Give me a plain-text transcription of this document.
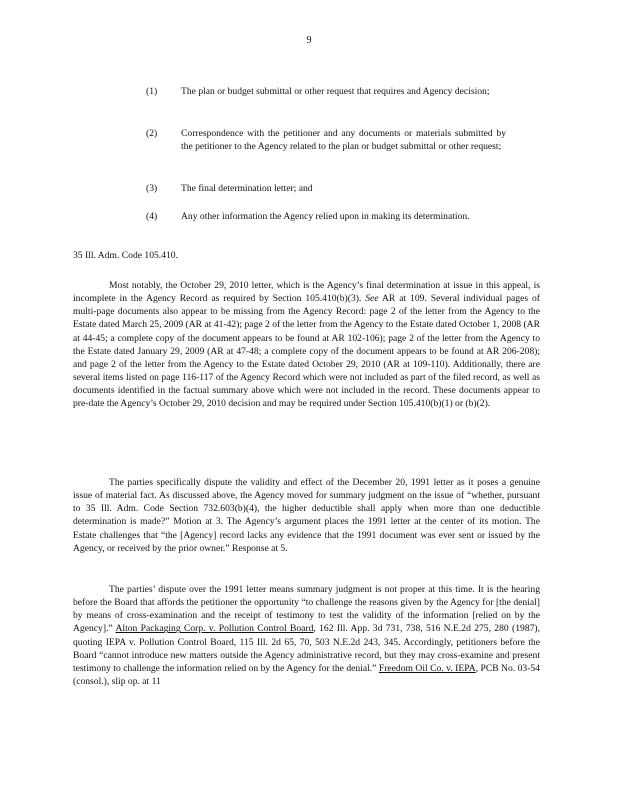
9
(1) The plan or budget submittal or other request that requires and Agency decision;
(2) Correspondence with the petitioner and any documents or materials submitted by the petitioner to the Agency related to the plan or budget submittal or other request;
(3) The final determination letter; and
(4) Any other information the Agency relied upon in making its determination.
35 Ill. Adm. Code 105.410.

Most notably, the October 29, 2010 letter, which is the Agency’s final determination at issue in this appeal, is incomplete in the Agency Record as required by Section 105.410(b)(3). See AR at 109. Several individual pages of multi-page documents also appear to be missing from the Agency Record: page 2 of the letter from the Agency to the Estate dated March 25, 2009 (AR at 41-42); page 2 of the letter from the Agency to the Estate dated October 1, 2008 (AR at 44-45; a complete copy of the document appears to be found at AR 102-106); page 2 of the letter from the Agency to the Estate dated January 29, 2009 (AR at 47-48; a complete copy of the document appears to be found at AR 206-208); and page 2 of the letter from the Agency to the Estate dated October 29, 2010 (AR at 109-110). Additionally, there are several items listed on page 116-117 of the Agency Record which were not included as part of the filed record, as well as documents identified in the factual summary above which were not included in the record. These documents appear to pre-date the Agency’s October 29, 2010 decision and may be required under Section 105.410(b)(1) or (b)(2).

The parties specifically dispute the validity and effect of the December 20, 1991 letter as it poses a genuine issue of material fact. As discussed above, the Agency moved for summary judgment on the issue of “whether, pursuant to 35 Ill. Adm. Code Section 732.603(b)(4), the higher deductible shall apply when more than one deductible determination is made?” Motion at 3. The Agency’s argument places the 1991 letter at the center of its motion. The Estate challenges that “the [Agency] record lacks any evidence that the 1991 document was ever sent or issued by the Agency, or received by the prior owner.” Response at 5.

The parties’ dispute over the 1991 letter means summary judgment is not proper at this time. It is the hearing before the Board that affords the petitioner the opportunity “to challenge the reasons given by the Agency for [the denial] by means of cross-examination and the receipt of testimony to test the validity of the information [relied on by the Agency].” Alton Packaging Corp. v. Pollution Control Board, 162 Ill. App. 3d 731, 738, 516 N.E.2d 275, 280 (1987), quoting IEPA v. Pollution Control Board, 115 Ill. 2d 65, 70, 503 N.E.2d 243, 345. Accordingly, petitioners before the Board “cannot introduce new matters outside the Agency administrative record, but they may cross-examine and present testimony to challenge the information relied on by the Agency for the denial.” Freedom Oil Co. v. IEPA, PCB No. 03-54 (consol.), slip op. at 11
